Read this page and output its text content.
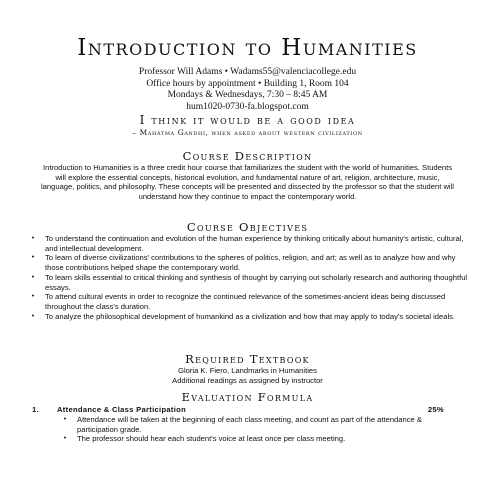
Introduction to Humanities
Professor Will Adams • Wadams55@valenciacollege.edu
Office hours by appointment • Building 1, Room 104
Mondays & Wednesdays, 7:30 – 8:45 AM
hum1020-0730-fa.blogspot.com
I think it would be a good idea
– Mahatma Gandhi, when asked about western civilization
Course Description

Introduction to Humanities is a three credit hour course that familiarizes the student with the world of humanities. Students will explore the essential concepts, historical evolution, and fundamental nature of art, religion, architecture, music, language, politics, and philosophy. These concepts will be presented and dissected by the professor so that the student will understand how they continue to impact the contemporary world.

Course Objectives
•	To understand the continuation and evolution of the human experience by thinking critically about humanity's artistic, cultural, and intellectual development.
•	To learn of diverse civilizations' contributions to the spheres of politics, religion, and art; as well as to analyze how and why those contributions helped shape the contemporary world.
•	To learn skills essential to critical thinking and synthesis of thought by carrying out scholarly research and authoring thoughtful essays.
•	To attend cultural events in order to recognize the continued relevance of the sometimes-ancient ideas being discussed throughout the class's duration.
•	To analyze the philosophical development of humankind as a civilization and how that may apply to today's societal ideals.
Required Textbook
Gloria K. Fiero, Landmarks in Humanities
Additional readings as assigned by instructor
Evaluation Formula
1. Attendance & Class Participation	25%
•	Attendance will be taken at the beginning of each class meeting, and count as part of the attendance & participation grade.
•	The professor should hear each student's voice at least once per class meeting.
